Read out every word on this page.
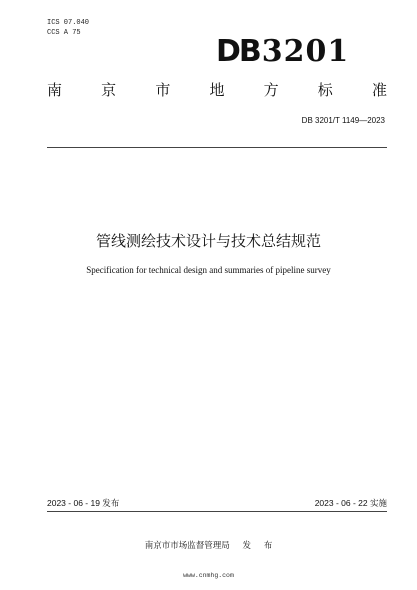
ICS 07.040
CCS A 75
DB3201
南	京	市	地	方	标	准
DB 3201/T 1149—2023
管线测绘技术设计与技术总结规范
Specification for technical design and summaries of pipeline survey
2023 - 06 - 19 发布	2023 - 06 - 22 实施
南京市市场监督管理局 发 布
www.cnmhg.com
